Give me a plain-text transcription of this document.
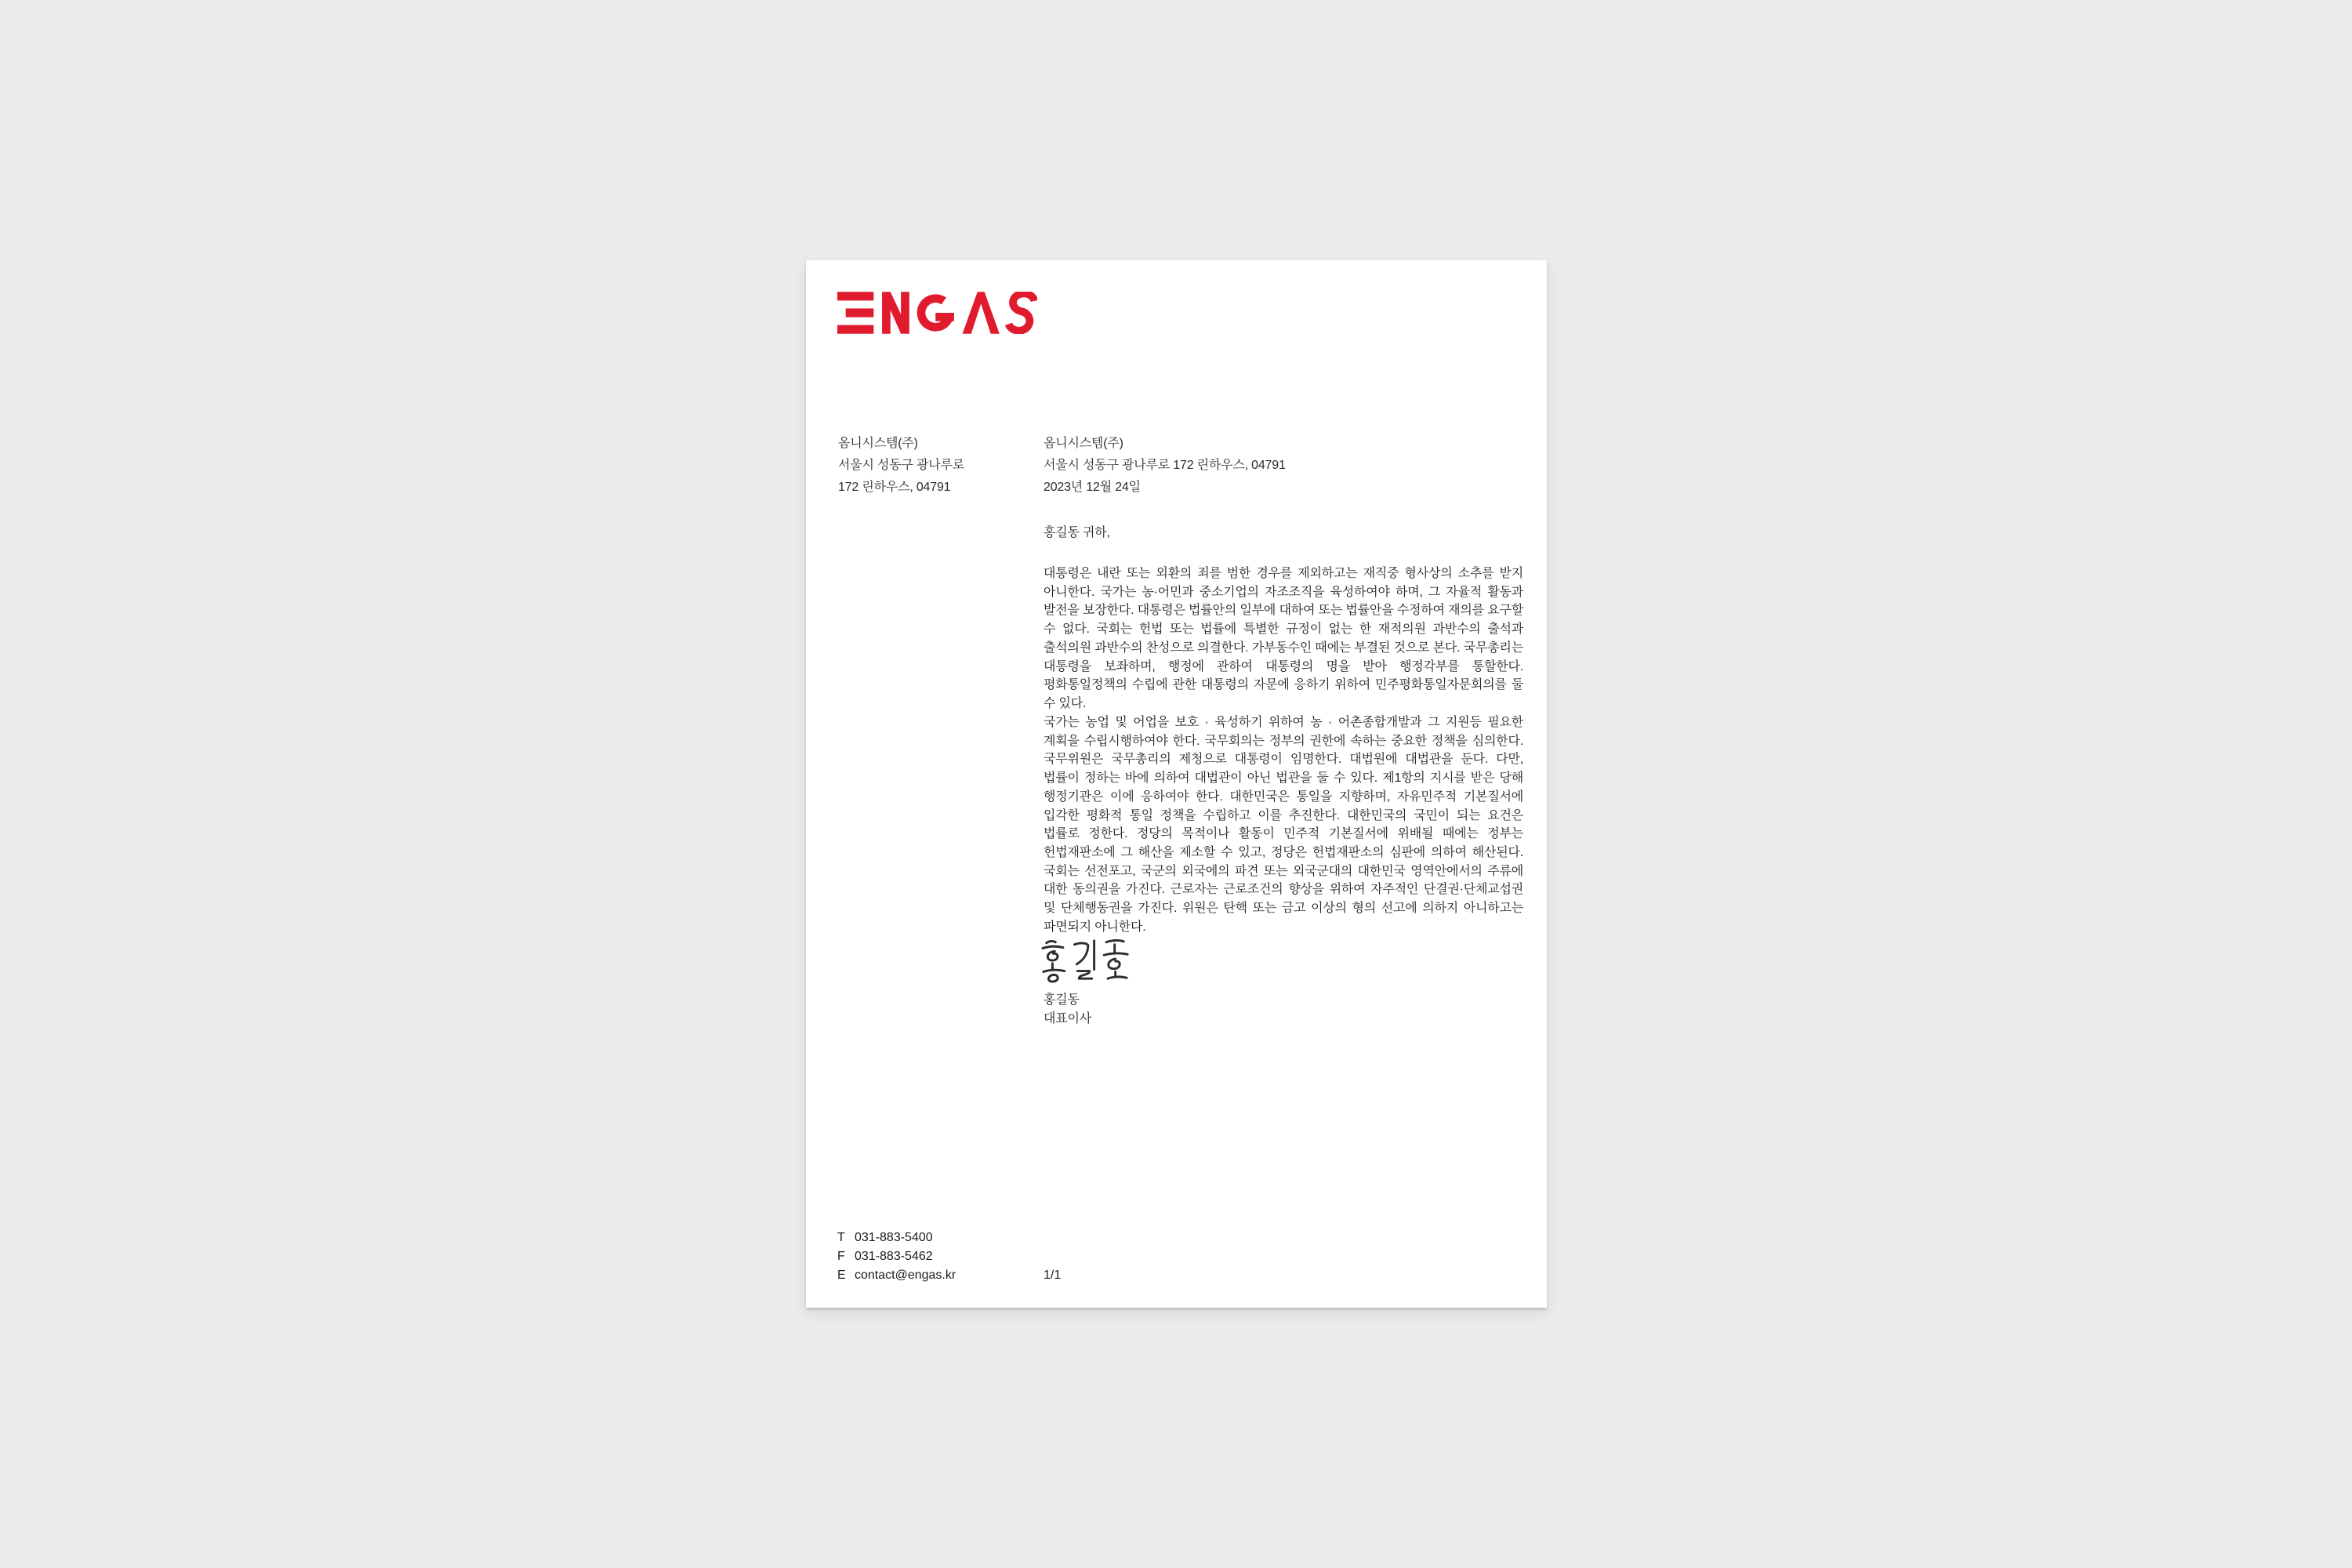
옴니시스템(주)
서울시 성동구 광나루로
172 린하우스, 04791
옴니시스템(주)
서울시 성동구 광나루로 172 린하우스, 04791
2023년 12월 24일
홍길동 귀하,
대통령은 내란 또는 외환의 죄를 범한 경우를 제외하고는 재직중 형사상의 소추를 받지 아니한다. 국가는 농·어민과 중소기업의 자조조직을 육성하여야 하며, 그 자율적 활동과 발전을 보장한다. 대통령은 법률안의 일부에 대하여 또는 법률안을 수정하여 재의를 요구할 수 없다. 국회는 헌법 또는 법률에 특별한 규정이 없는 한 재적의원 과반수의 출석과 출석의원 과반수의 찬성으로 의결한다. 가부동수인 때에는 부결된 것으로 본다. 국무총리는 대통령을 보좌하며, 행정에 관하여 대통령의 명을 받아 행정각부를 통할한다. 평화통일정책의 수립에 관한 대통령의 자문에 응하기 위하여 민주평화통일자문회의를 둘 수 있다.
국가는 농업 및 어업을 보호 · 육성하기 위하여 농 · 어촌종합개발과 그 지원등 필요한 계획을 수립시행하여야 한다. 국무회의는 정부의 권한에 속하는 중요한 정책을 심의한다. 국무위원은 국무총리의 제청으로 대통령이 임명한다. 대법원에 대법관을 둔다. 다만, 법률이 정하는 바에 의하여 대법관이 아닌 법관을 둘 수 있다. 제1항의 지시를 받은 당해 행정기관은 이에 응하여야 한다. 대한민국은 통일을 지향하며, 자유민주적 기본질서에 입각한 평화적 통일 정책을 수립하고 이를 추진한다. 대한민국의 국민이 되는 요건은 법률로 정한다. 정당의 목적이나 활동이 민주적 기본질서에 위배될 때에는 정부는 헌법재판소에 그 해산을 제소할 수 있고, 정당은 헌법재판소의 심판에 의하여 해산된다. 국회는 선전포고, 국군의 외국에의 파견 또는 외국군대의 대한민국 영역안에서의 주류에 대한 동의권을 가진다. 근로자는 근로조건의 향상을 위하여 자주적인 단결권·단체교섭권 및 단체행동권을 가진다. 위원은 탄핵 또는 금고 이상의 형의 선고에 의하지 아니하고는 파면되지 아니한다.
홍길동
대표이사
T 031-883-5400
F 031-883-5462
E contact@engas.kr	1/1
